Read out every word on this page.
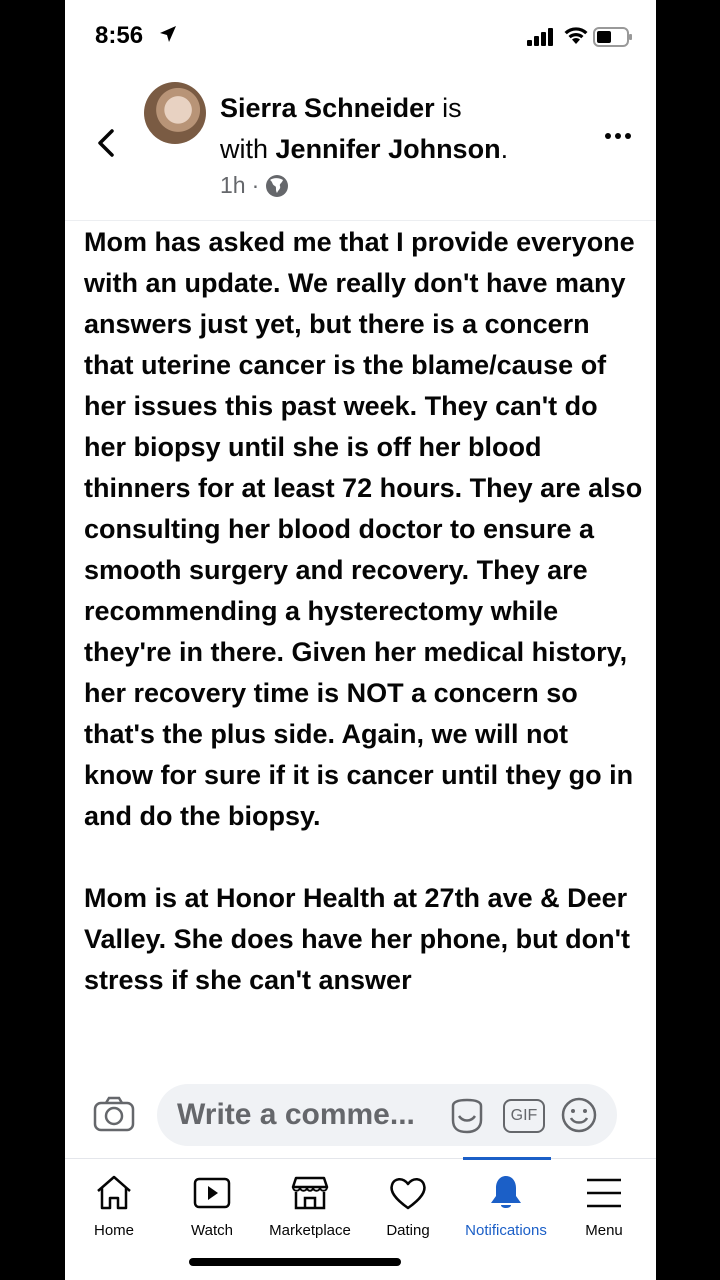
8:56
Sierra Schneider is
with Jennifer Johnson.
1h ·

Mom has asked me that I provide everyone with an update. We really don't have many answers just yet, but there is a concern that uterine cancer is the blame/cause of her issues this past week. They can't do her biopsy until she is off her blood thinners for at least 72 hours. They are also consulting her blood doctor to ensure a smooth surgery and recovery. They are recommending a hysterectomy while they're in there. Given her medical history, her recovery time is NOT a concern so that's the plus side. Again, we will not know for sure if it is cancer until they go in and do the biopsy.

Mom is at Honor Health at 27th ave & Deer Valley. She does have her phone, but don't stress if she can't answer

Write a comme...	GIF
Home	Watch	Marketplace	Dating	Notifications	Menu
